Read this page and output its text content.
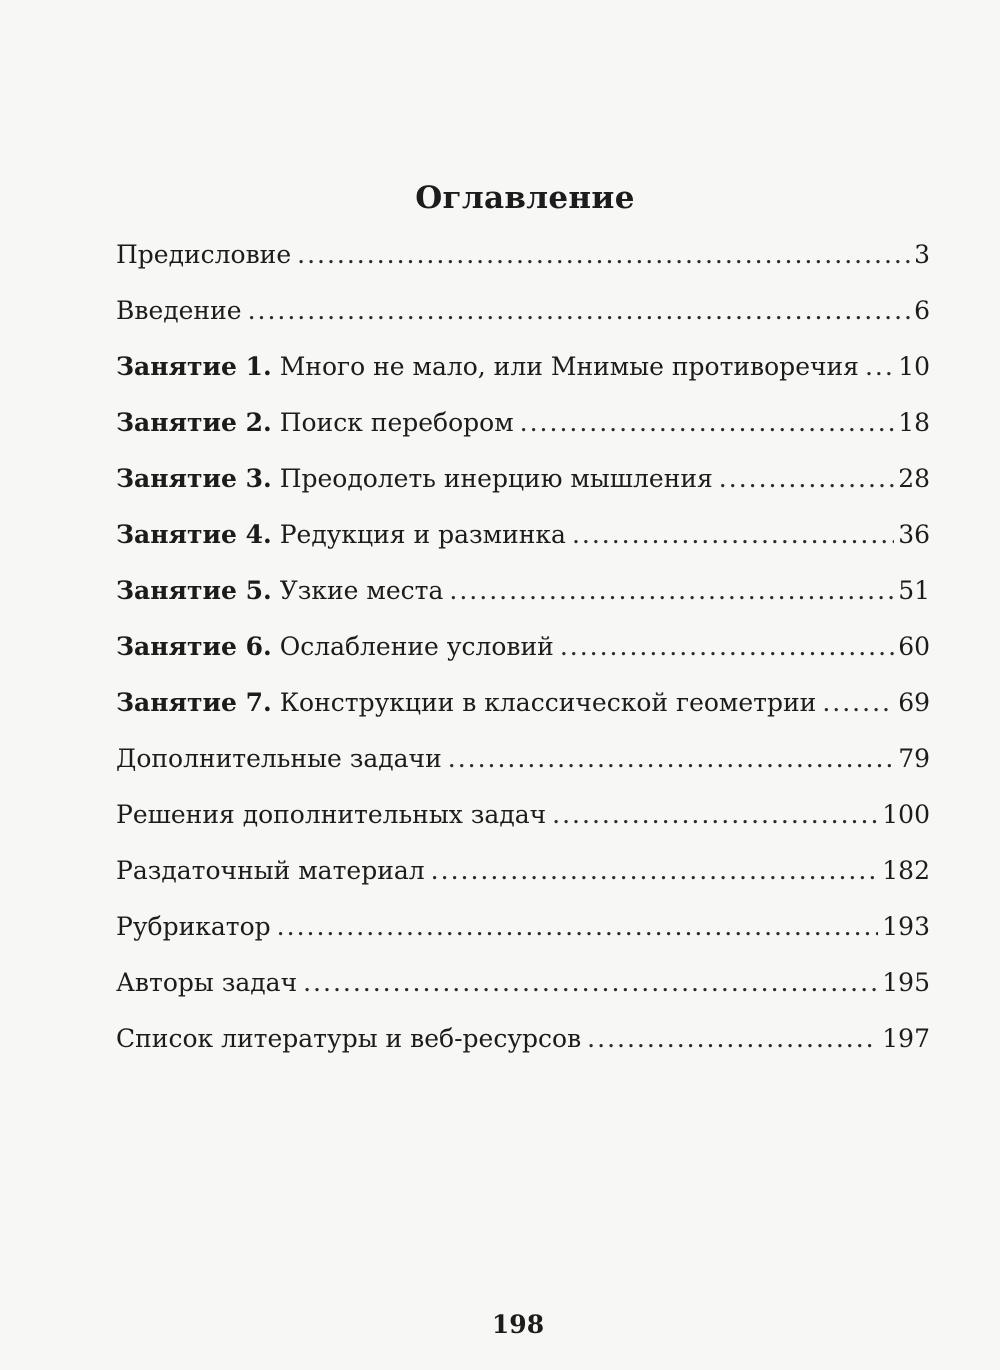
Оглавление
Предисловие .....	3
Введение .....	6
Занятие 1. Много не мало, или Мнимые противоречия ..... 10
Занятие 2. Поиск перебором .....	18
Занятие 3. Преодолеть инерцию мышления .....	28
Занятие 4. Редукция и разминка .....	36
Занятие 5. Узкие места .....	51
Занятие 6. Ослабление условий .....	60
Занятие 7. Конструкции в классической геометрии .....	69
Дополнительные задачи .....	79
Решения дополнительных задач .....	100
Раздаточный материал .....	182
Рубрикатор .....	193
Авторы задач .....	195
Список литературы и веб-ресурсов .....	197
198
